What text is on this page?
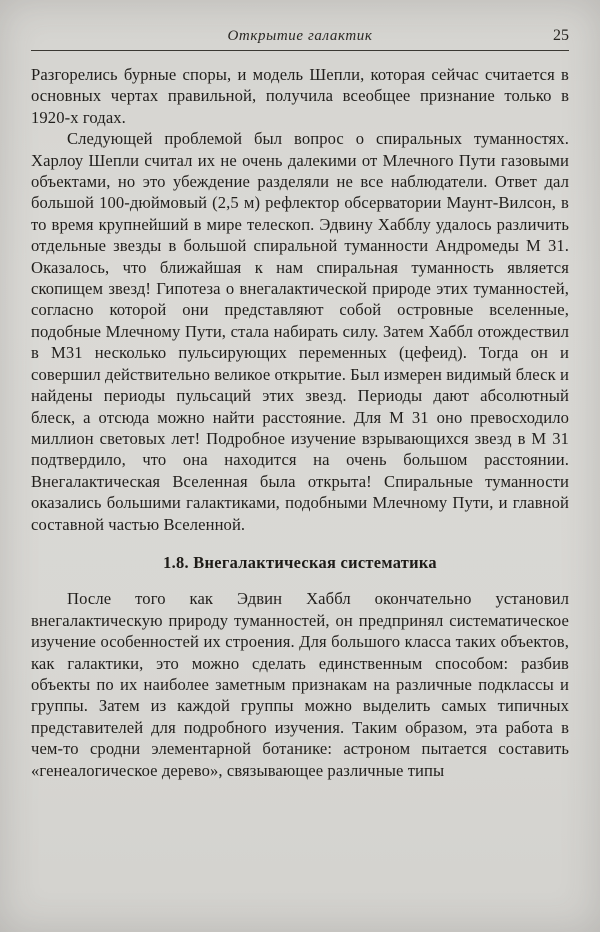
Открытие галактик	25

Разгорелись бурные споры, и модель Шепли, которая сейчас считается в основных чертах правильной, получила всеобщее признание только в 1920-х годах.

Следующей проблемой был вопрос о спиральных туманностях. Харлоу Шепли считал их не очень далекими от Млечного Пути газовыми объектами, но это убеждение разделяли не все наблюдатели. Ответ дал большой 100-дюймовый (2,5 м) рефлектор обсерватории Маунт-Вилсон, в то время крупнейший в мире телескоп. Эдвину Хабблу удалось различить отдельные звезды в большой спиральной туманности Андромеды М 31. Оказалось, что ближайшая к нам спиральная туманность является скопищем звезд! Гипотеза о внегалактической природе этих туманностей, согласно которой они представляют собой островные вселенные, подобные Млечному Пути, стала набирать силу. Затем Хаббл отождествил в М31 несколько пульсирующих переменных (цефеид). Тогда он и совершил действительно великое открытие. Был измерен видимый блеск и найдены периоды пульсаций этих звезд. Периоды дают абсолютный блеск, а отсюда можно найти расстояние. Для М 31 оно превосходило миллион световых лет! Подробное изучение взрывающихся звезд в М 31 подтвердило, что она находится на очень большом расстоянии. Внегалактическая Вселенная была открыта! Спиральные туманности оказались большими галактиками, подобными Млечному Пути, и главной составной частью Вселенной.

1.8. Внегалактическая систематика

После того как Эдвин Хаббл окончательно установил внегалактическую природу туманностей, он предпринял систематическое изучение особенностей их строения. Для большого класса таких объектов, как галактики, это можно сделать единственным способом: разбив объекты по их наиболее заметным признакам на различные подклассы и группы. Затем из каждой группы можно выделить самых типичных представителей для подробного изучения. Таким образом, эта работа в чем-то сродни элементарной ботанике: астроном пытается составить «генеалогическое дерево», связывающее различные типы
